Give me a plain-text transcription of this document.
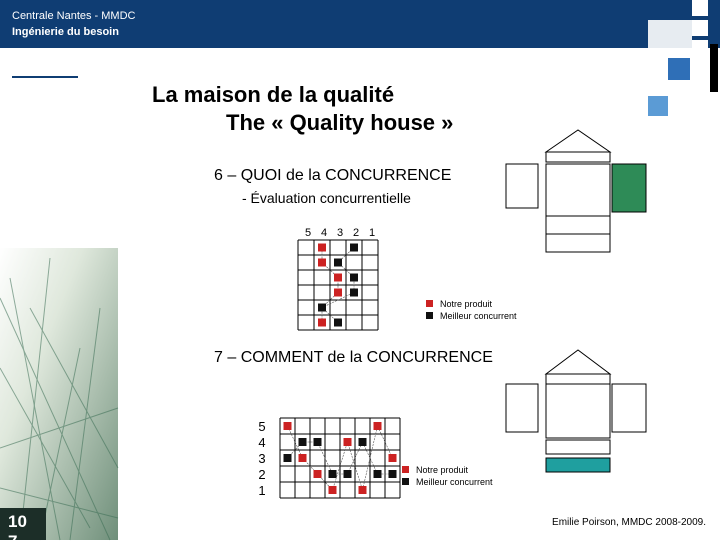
Centrale Nantes - MMDC
Ingénierie du besoin
10
7
La maison de la qualité
The « Quality house »
6 – QUOI de la CONCURRENCE
- Évaluation concurrentielle
5 4 3 2 1
Notre produit
Meilleur concurrent
7 – COMMENT de la CONCURRENCE
5
4
3
2
1
Notre produit
Meilleur concurrent
Emilie Poirson, MMDC 2008-2009.
